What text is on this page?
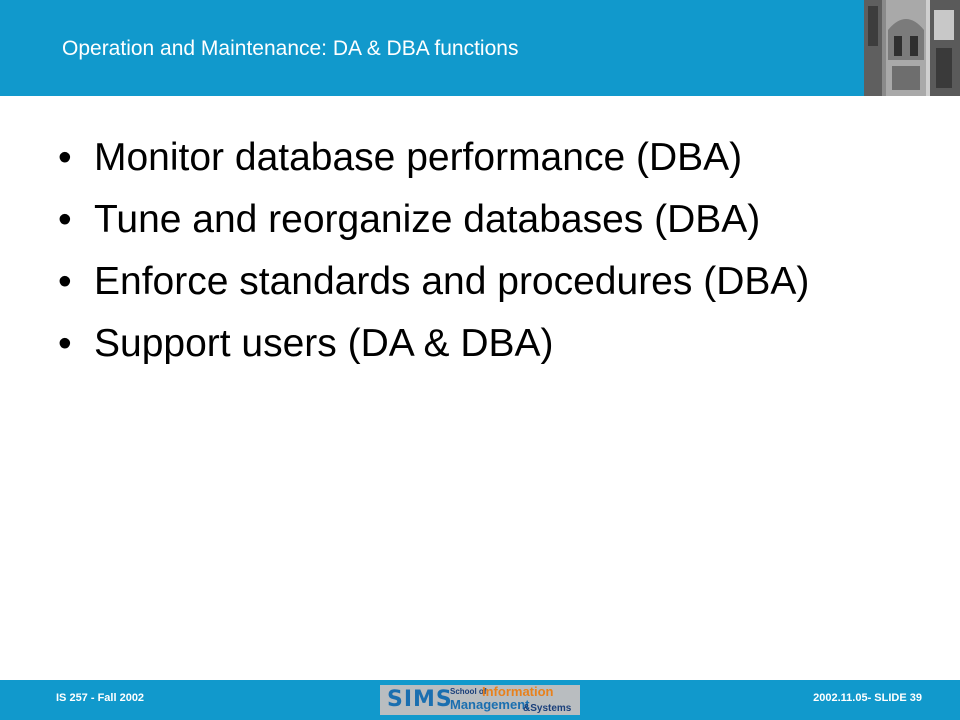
Operation and Maintenance: DA & DBA functions
• Monitor database performance (DBA)
• Tune and reorganize databases (DBA)
• Enforce standards and procedures (DBA)
• Support users (DA & DBA)
IS 257 - Fall 2002	SIMS
School of
Information
Management
&Systems
2002.11.05- SLIDE 39
